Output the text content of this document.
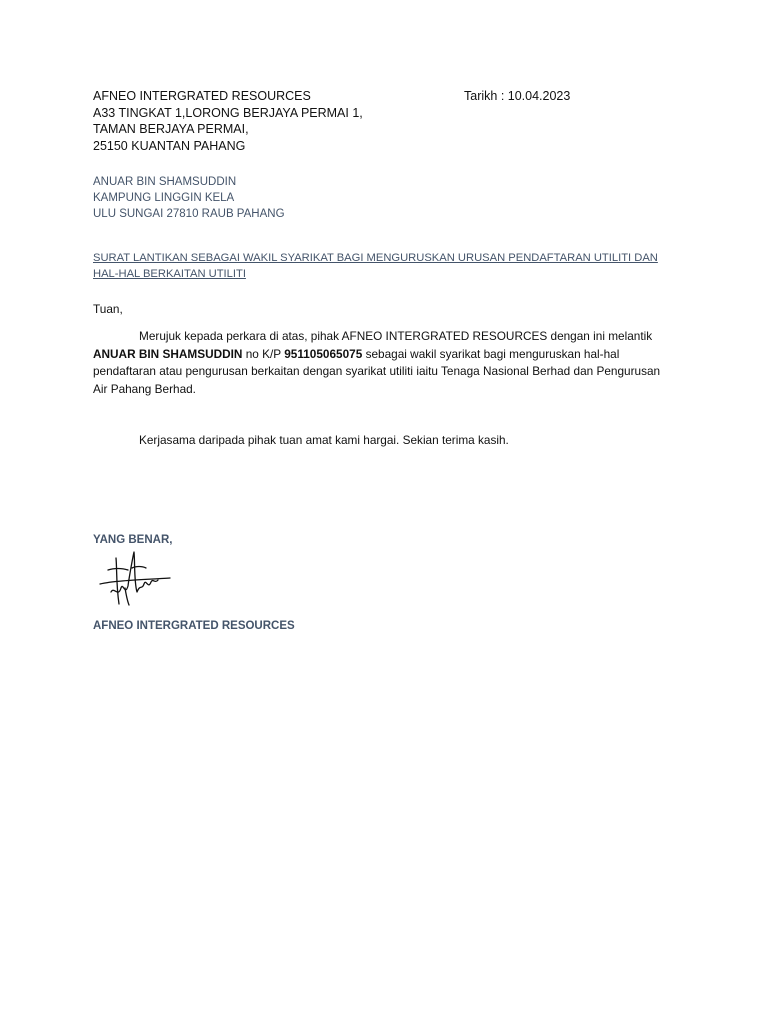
AFNEO INTERGRATED RESOURCES
A33 TINGKAT 1,LORONG BERJAYA PERMAI 1,
TAMAN BERJAYA PERMAI,
25150 KUANTAN PAHANG
Tarikh : 10.04.2023
ANUAR BIN SHAMSUDDIN
KAMPUNG LINGGIN KELA
ULU SUNGAI 27810 RAUB PAHANG
SURAT LANTIKAN SEBAGAI WAKIL SYARIKAT BAGI MENGURUSKAN URUSAN PENDAFTARAN UTILITI DAN HAL-HAL BERKAITAN UTILITI
Tuan,
Merujuk kepada perkara di atas, pihak AFNEO INTERGRATED RESOURCES dengan ini melantik ANUAR BIN SHAMSUDDIN no K/P 951105065075 sebagai wakil syarikat bagi menguruskan hal-hal pendaftaran atau pengurusan berkaitan dengan syarikat utiliti iaitu Tenaga Nasional Berhad dan Pengurusan Air Pahang Berhad.
Kerjasama daripada pihak tuan amat kami hargai. Sekian terima kasih.
YANG BENAR,
AFNEO INTERGRATED RESOURCES
